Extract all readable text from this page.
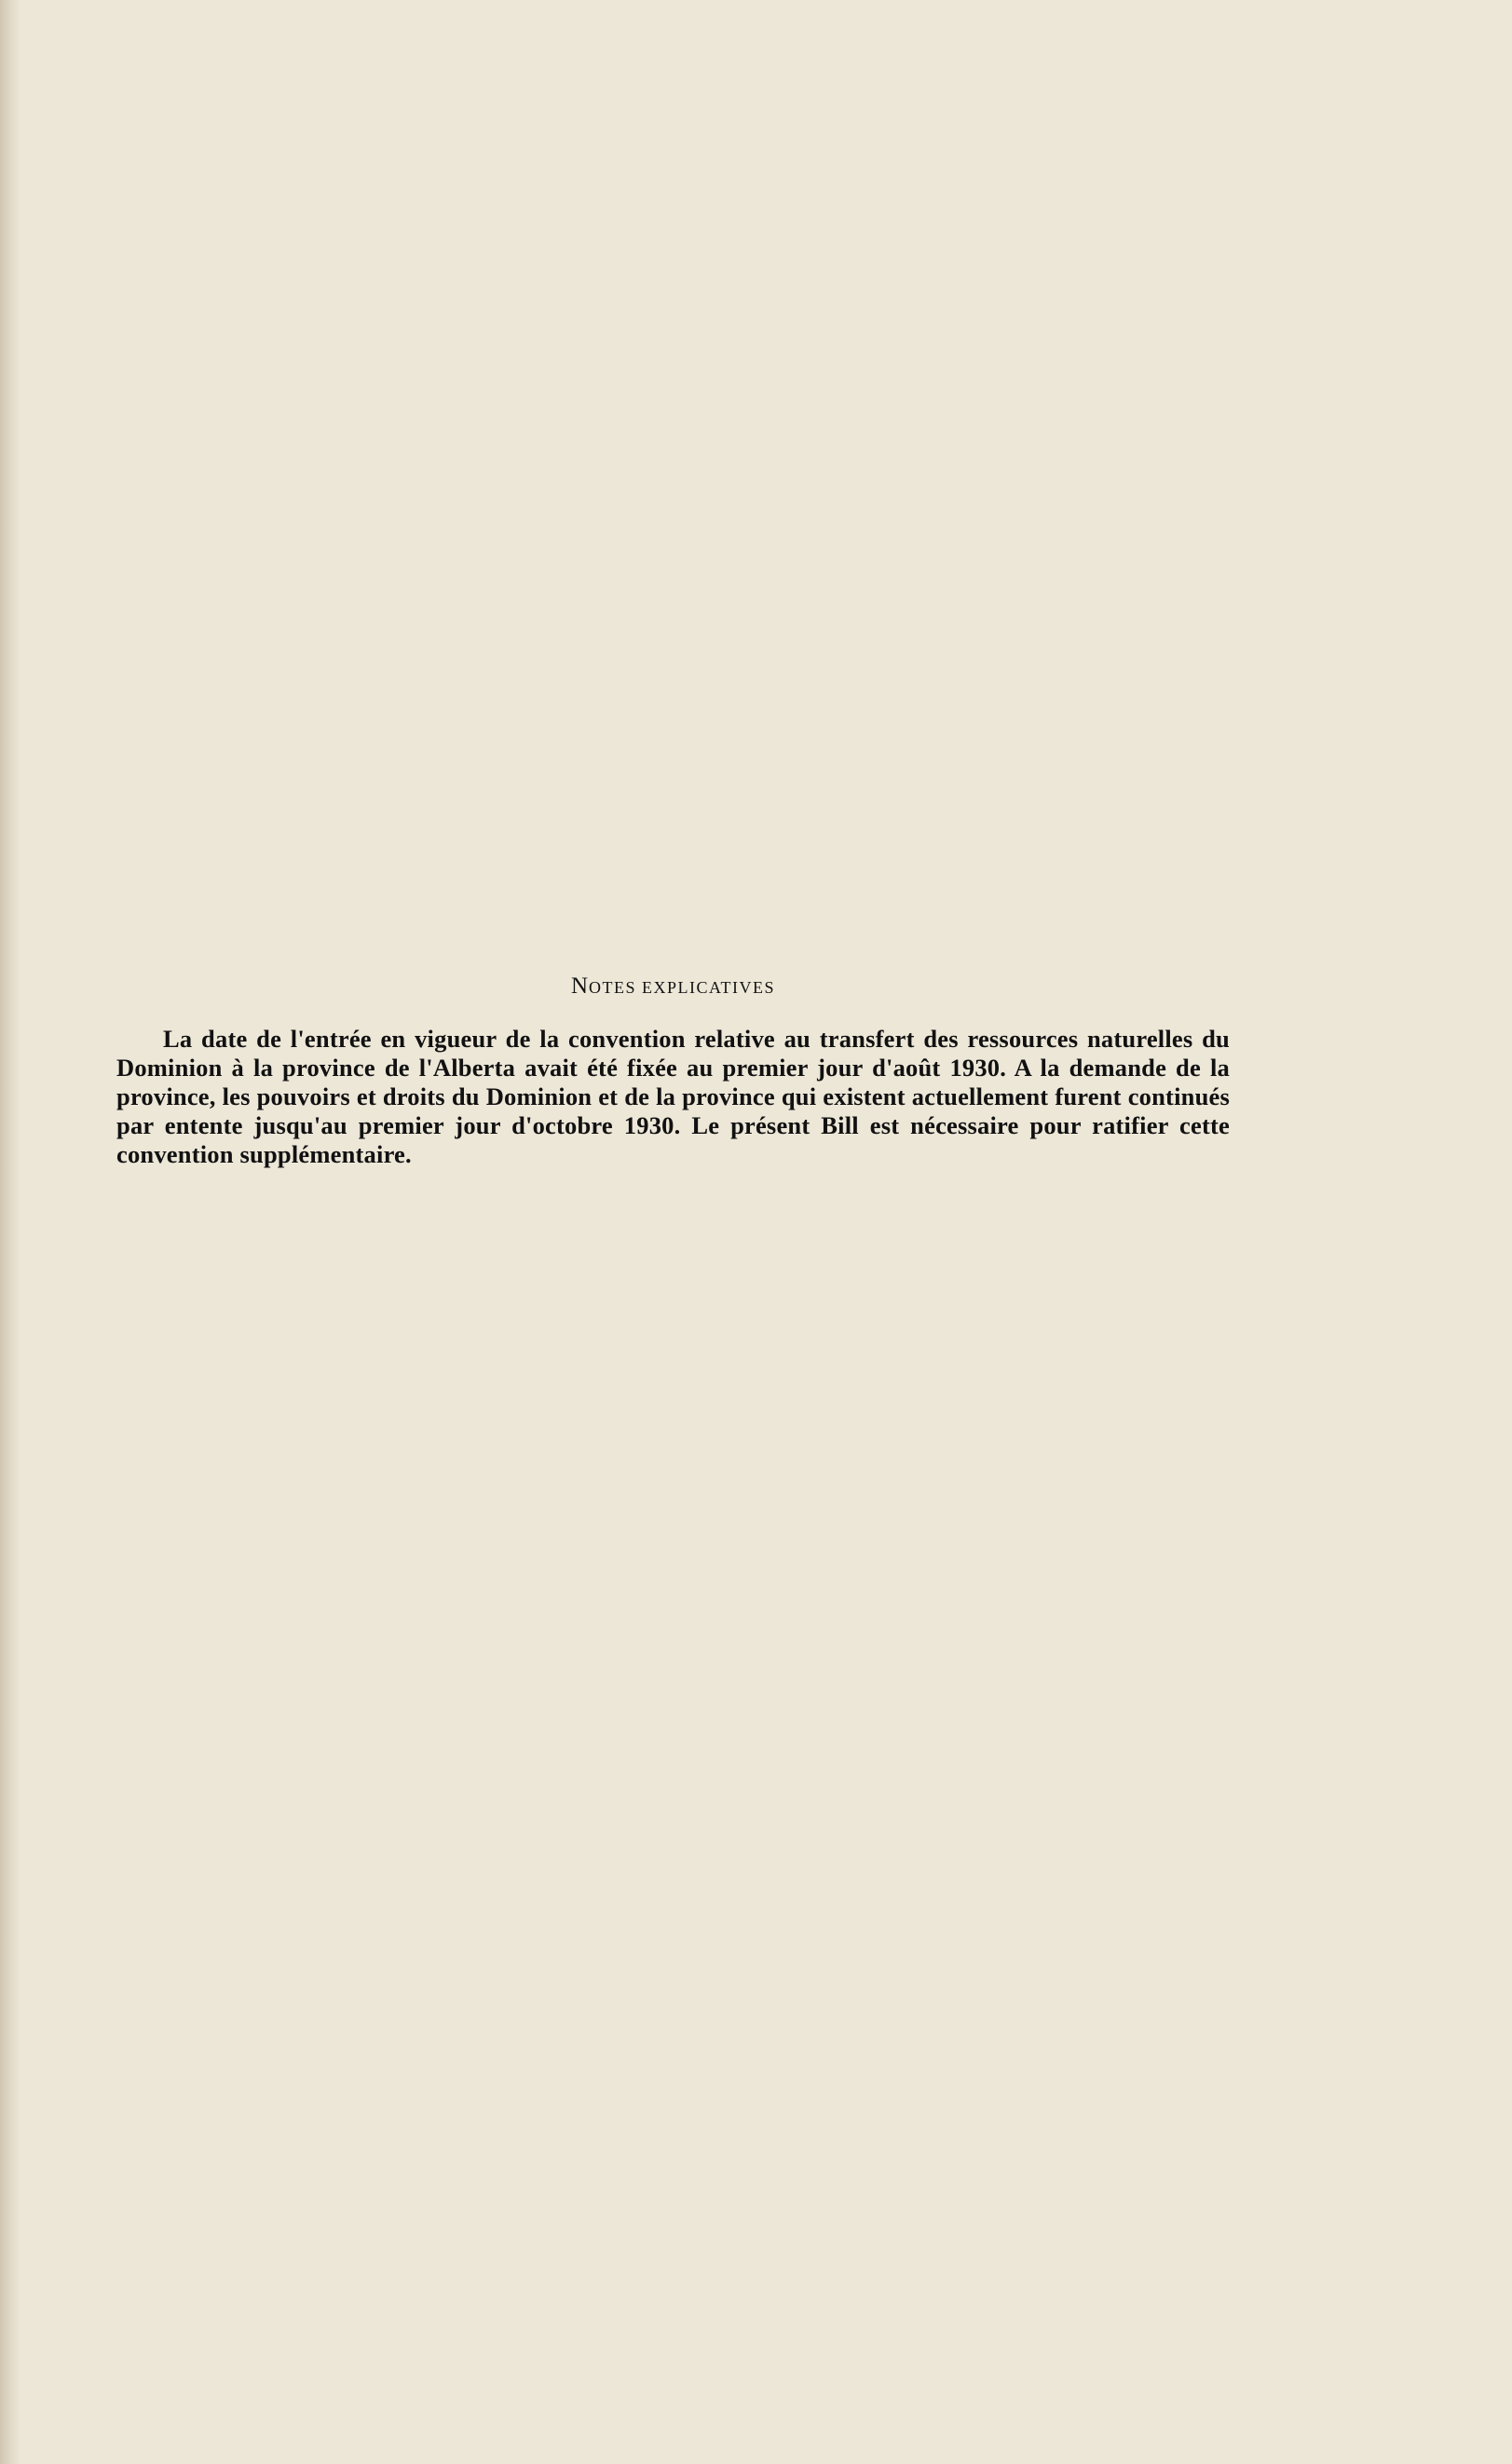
NOTES EXPLICATIVES

La date de l'entrée en vigueur de la convention relative au transfert des ressources naturelles du Dominion à la province de l'Alberta avait été fixée au premier jour d'août 1930. A la demande de la province, les pouvoirs et droits du Dominion et de la province qui existent actuellement furent continués par entente jusqu'au premier jour d'octobre 1930. Le présent Bill est nécessaire pour ratifier cette convention supplémentaire.
